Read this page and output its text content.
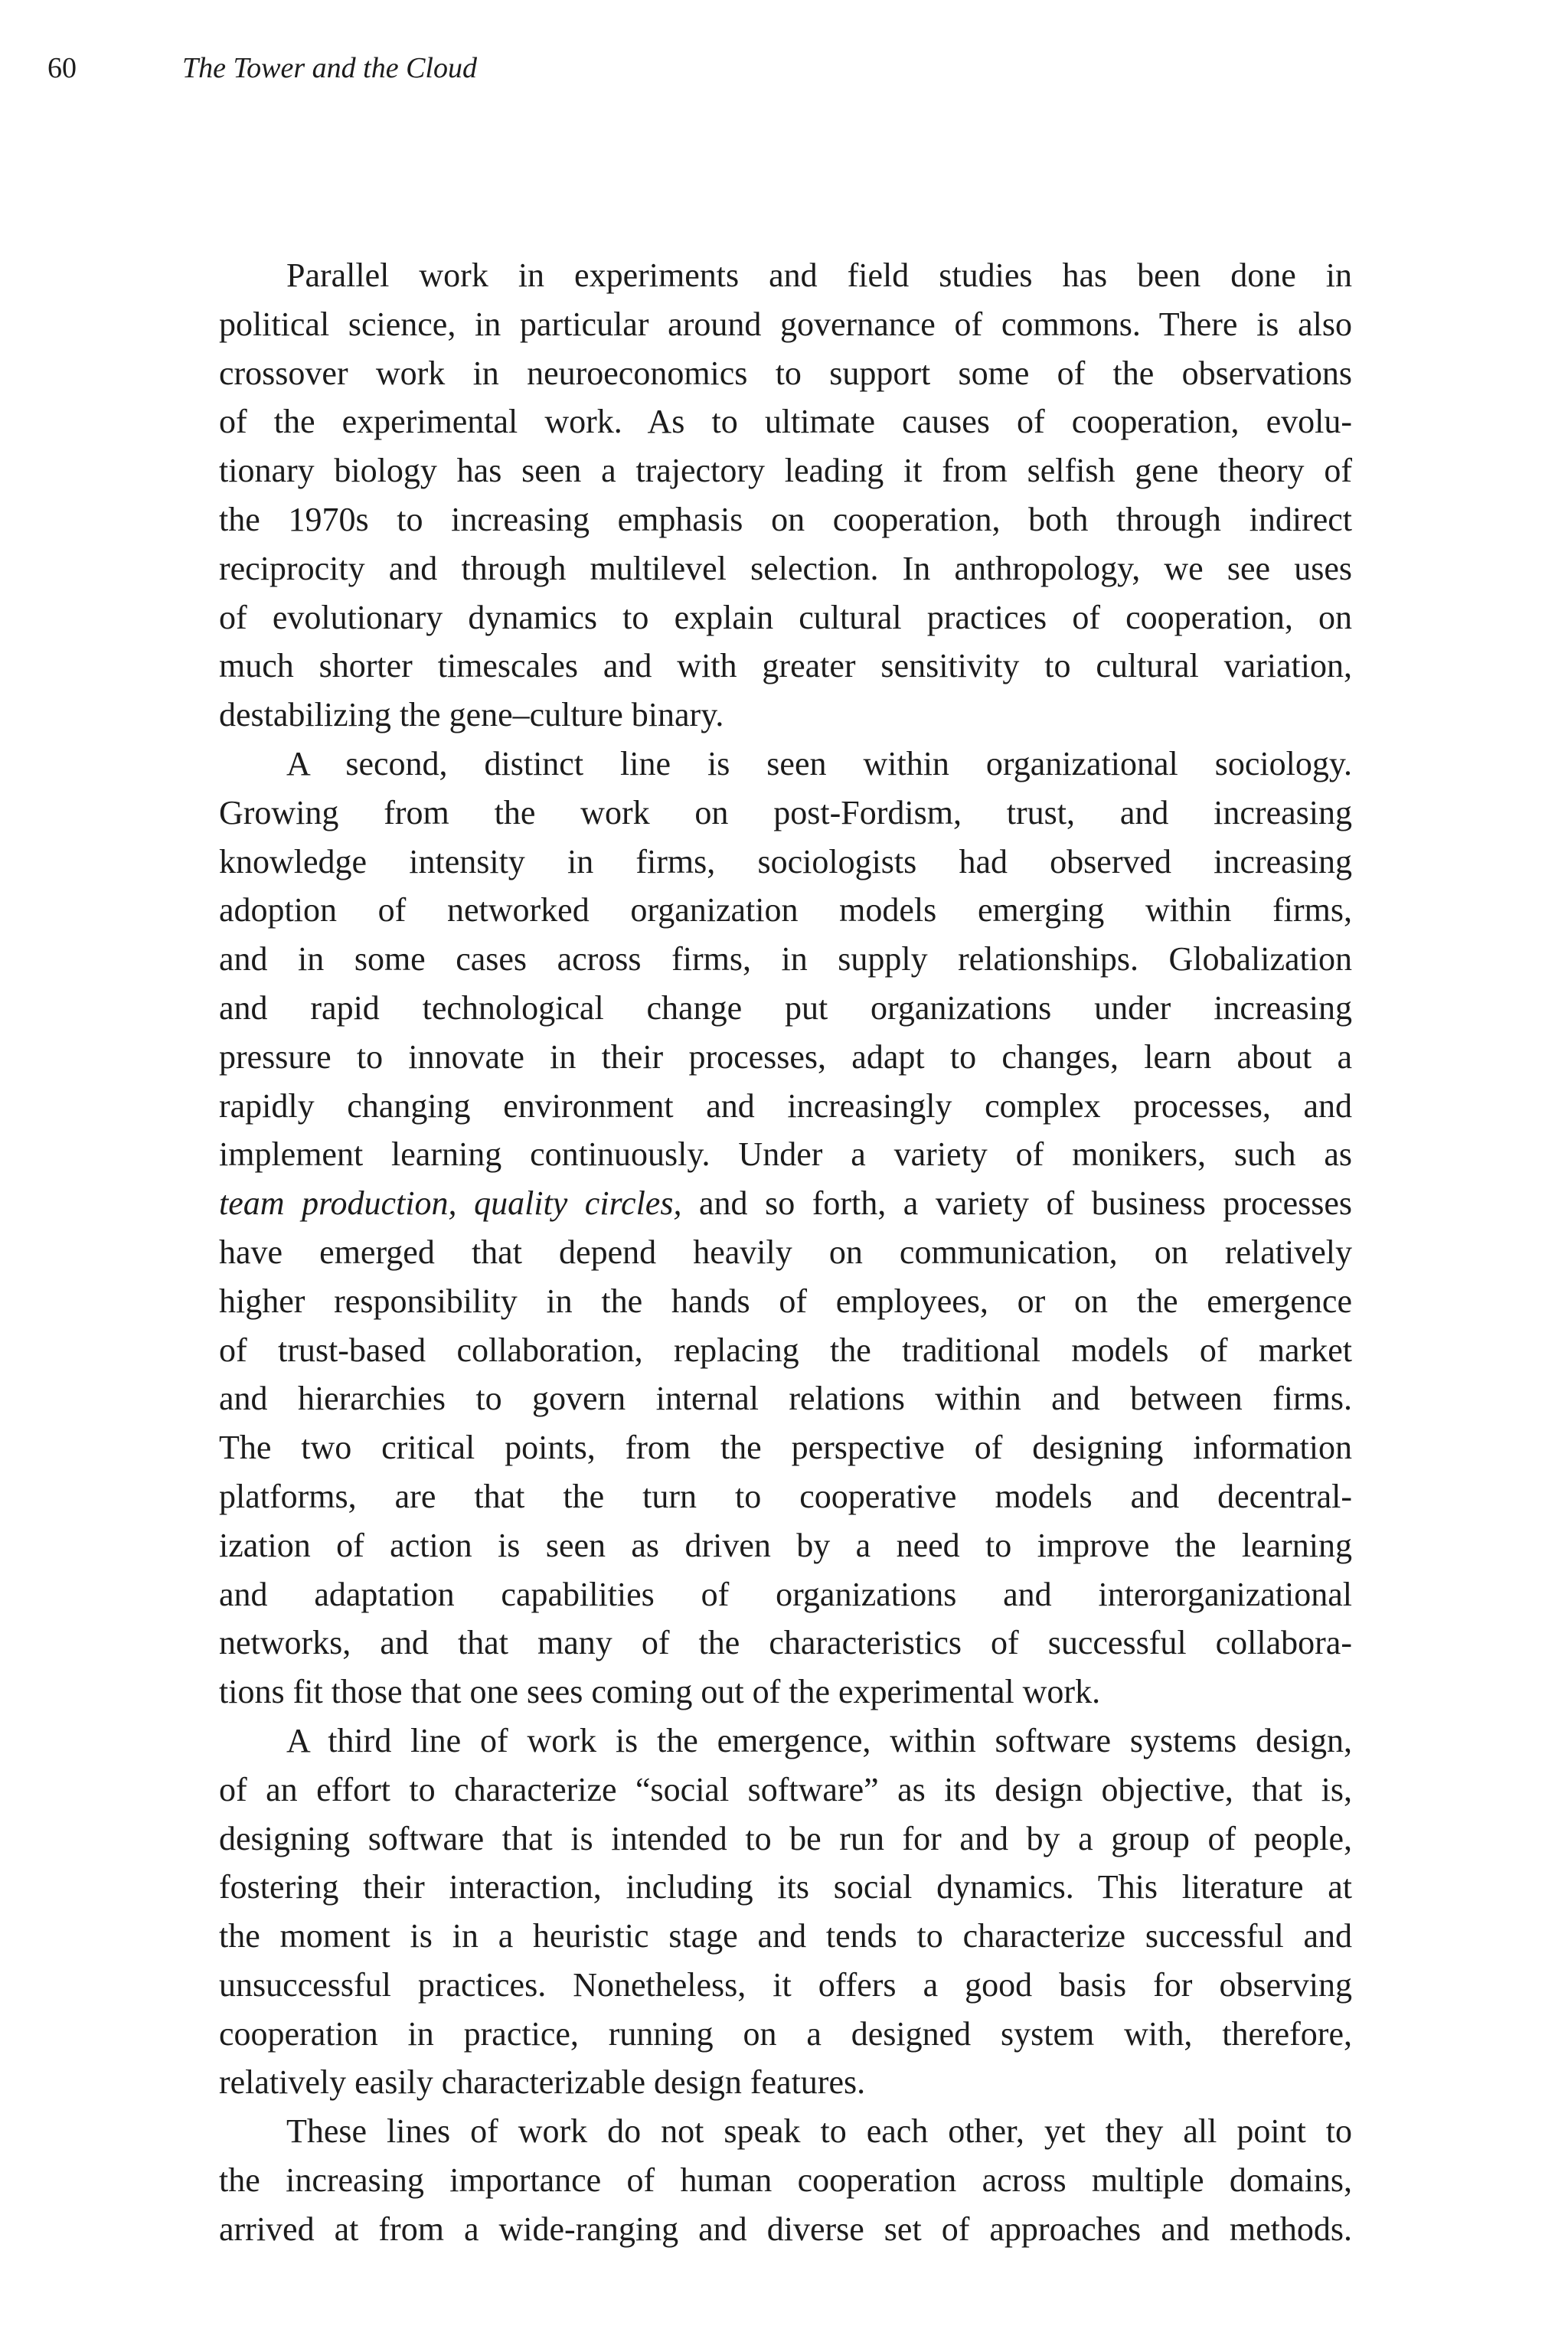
60	The Tower and the Cloud
Parallel work in experiments and field studies has been done in
political science, in particular around governance of commons. There is also
crossover work in neuroeconomics to support some of the observations
of the experimental work. As to ultimate causes of cooperation, evolu-
tionary biology has seen a trajectory leading it from selfish gene theory of
the 1970s to increasing emphasis on cooperation, both through indirect
reciprocity and through multilevel selection. In anthropology, we see uses
of evolutionary dynamics to explain cultural practices of cooperation, on
much shorter timescales and with greater sensitivity to cultural variation,
destabilizing the gene–culture binary.
A second, distinct line is seen within organizational sociology.
Growing from the work on post-Fordism, trust, and increasing
knowledge intensity in firms, sociologists had observed increasing
adoption of networked organization models emerging within firms,
and in some cases across firms, in supply relationships. Globalization
and rapid technological change put organizations under increasing
pressure to innovate in their processes, adapt to changes, learn about a
rapidly changing environment and increasingly complex processes, and
implement learning continuously. Under a variety of monikers, such as
team production, quality circles, and so forth, a variety of business processes
have emerged that depend heavily on communication, on relatively
higher responsibility in the hands of employees, or on the emergence
of trust-based collaboration, replacing the traditional models of market
and hierarchies to govern internal relations within and between firms.
The two critical points, from the perspective of designing information
platforms, are that the turn to cooperative models and decentral-
ization of action is seen as driven by a need to improve the learning
and adaptation capabilities of organizations and interorganizational
networks, and that many of the characteristics of successful collabora-
tions fit those that one sees coming out of the experimental work.
A third line of work is the emergence, within software systems design,
of an effort to characterize “social software” as its design objective, that is,
designing software that is intended to be run for and by a group of people,
fostering their interaction, including its social dynamics. This literature at
the moment is in a heuristic stage and tends to characterize successful and
unsuccessful practices. Nonetheless, it offers a good basis for observing
cooperation in practice, running on a designed system with, therefore,
relatively easily characterizable design features.
These lines of work do not speak to each other, yet they all point to
the increasing importance of human cooperation across multiple domains,
arrived at from a wide-ranging and diverse set of approaches and methods.
